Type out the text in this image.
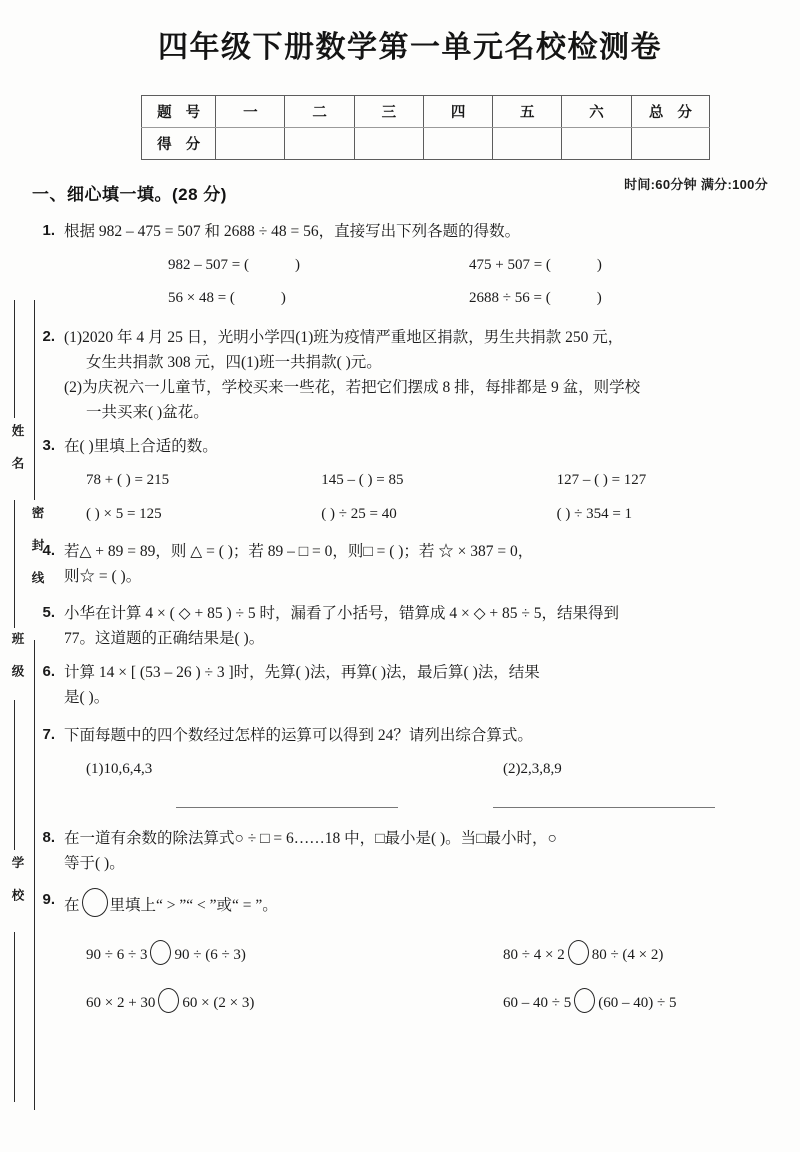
姓 名
班 级
学 校
密 封 线
四年级下册数学第一单元名校检测卷
题 号	一	二	三	四	五	六	总 分
得 分							
时间:60分钟 满分:100分
一、细心填一填。(28 分)
1. 根据 982 – 475 = 507 和 2688 ÷ 48 = 56，直接写出下列各题的得数。
982 – 507 = (	)	475 + 507 = (	)
56 × 48 = (	)	2688 ÷ 56 = (	)
2. (1)2020 年 4 月 25 日，光明小学四(1)班为疫情严重地区捐款，男生共捐款 250 元，
女生共捐款 308 元，四(1)班一共捐款( )元。
(2)为庆祝六一儿童节，学校买来一些花，若把它们摆成 8 排，每排都是 9 盆，则学校
一共买来( )盆花。
3. 在( )里填上合适的数。
78 + ( ) = 215	145 – ( ) = 85	127 – ( ) = 127
( ) × 5 = 125	( ) ÷ 25 = 40	( ) ÷ 354 = 1
4. 若△ + 89 = 89，则 △ = ( )；若 89 – □ = 0，则□ = ( )；若 ☆ × 387 = 0，
则☆ = ( )。
5. 小华在计算 4 × ( ◇ + 85 ) ÷ 5 时，漏看了小括号，错算成 4 × ◇ + 85 ÷ 5，结果得到
77。这道题的正确结果是( )。
6. 计算 14 × [ (53 – 26 ) ÷ 3 ]时，先算( )法，再算( )法，最后算( )法，结果
是( )。
7. 下面每题中的四个数经过怎样的运算可以得到 24？请列出综合算式。
(1)10,6,4,3	(2)2,3,8,9
8. 在一道有余数的除法算式○ ÷ □ = 6……18 中，□最小是( )。当□最小时，○
等于( )。
9. 在 里填上“ > ”“ < ”或“ = ”。
90 ÷ 6 ÷ 3 90 ÷ (6 ÷ 3)	80 ÷ 4 × 2 80 ÷ (4 × 2)
60 × 2 + 30 60 × (2 × 3)	60 – 40 ÷ 5 (60 – 40) ÷ 5
